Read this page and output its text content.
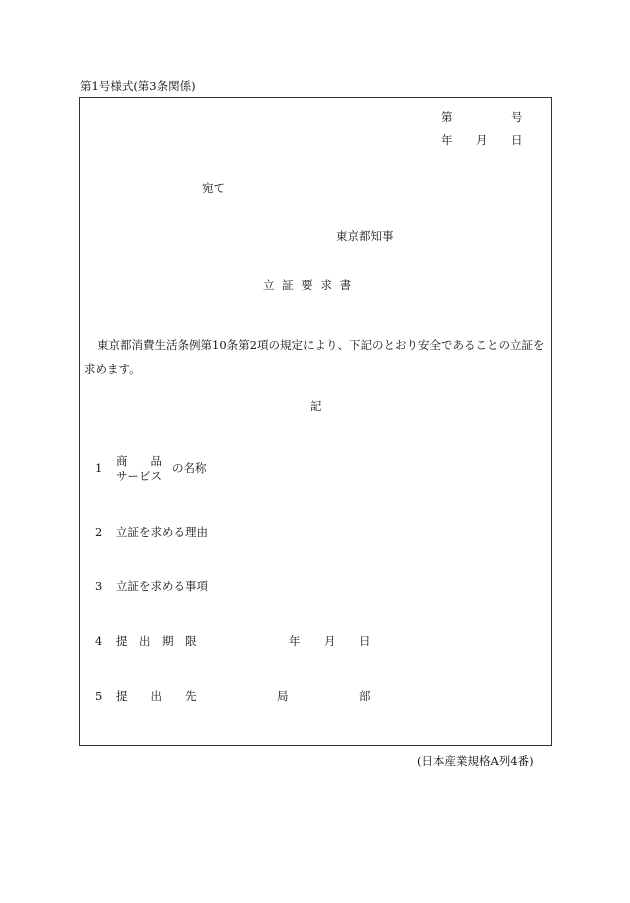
第1号様式(第3条関係)
第	号
年 月 日
宛て
東京都知事
立 証 要 求 書
東京都消費生活条例第10条第2項の規定により、下記のとおり安全であることの立証を求めます。
記
1 商　　品
サービス
の名称
2 立証を求める理由
3 立証を求める事項
4 提　出　期　限	年 月 日
5 提　　出　　先	局	部
(日本産業規格A列4番)
